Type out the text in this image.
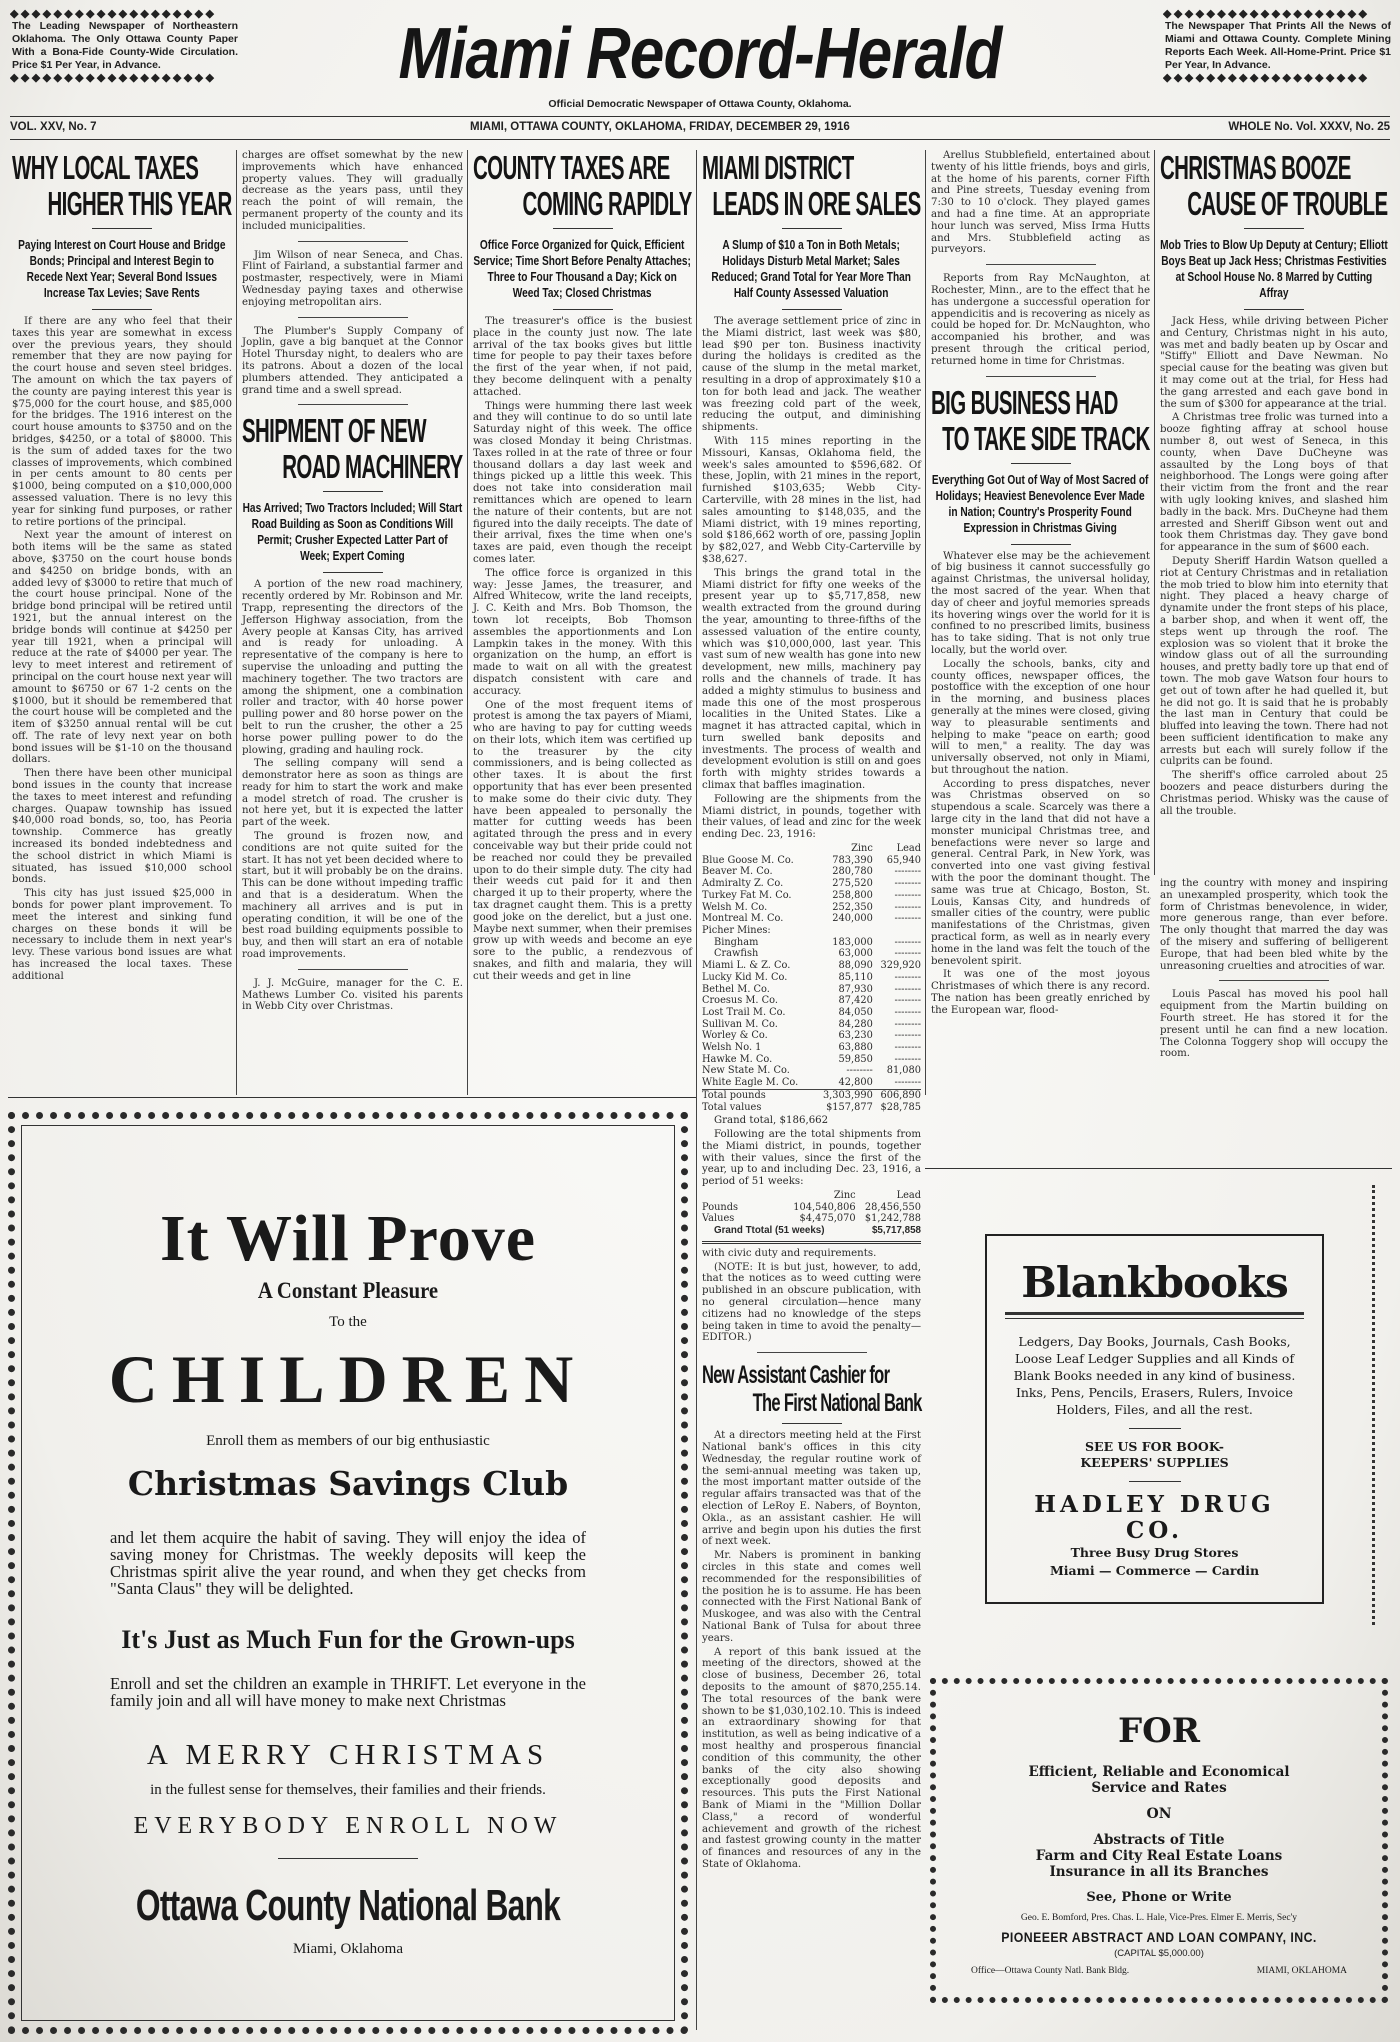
◆◆◆◆◆◆◆◆◆◆◆◆◆◆◆◆◆◆◆
The Leading Newspaper of Northeastern Oklahoma. The Only Ottawa County Paper With a Bona-Fide County-Wide Circulation. Price $1 Per Year, in Advance.
◆◆◆◆◆◆◆◆◆◆◆◆◆◆◆◆◆◆◆	Miami Record-Herald
Official Democratic Newspaper of Ottawa County, Oklahoma.
◆◆◆◆◆◆◆◆◆◆◆◆◆◆◆◆◆◆◆
The Newspaper That Prints All the News of Miami and Ottawa County. Complete Mining Reports Each Week. All-Home-Print. Price $1 Per Year, In Advance.
◆◆◆◆◆◆◆◆◆◆◆◆◆◆◆◆◆◆◆
VOL. XXV, No. 7	MIAMI, OTTAWA COUNTY, OKLAHOMA, FRIDAY, DECEMBER 29, 1916	WHOLE No. Vol. XXXV, No. 25
WHY LOCAL TAXES
HIGHER THIS YEAR
Paying Interest on Court House and Bridge Bonds; Principal and Interest Begin to Recede Next Year; Several Bond Issues Increase Tax Levies; Save Rents

If there are any who feel that their taxes this year are somewhat in excess over the previous years, they should remember that they are now paying for the court house and seven steel bridges. The amount on which the tax payers of the county are paying interest this year is $75,000 for the court house, and $85,000 for the bridges. The 1916 interest on the court house amounts to $3750 and on the bridges, $4250, or a total of $8000. This is the sum of added taxes for the two classes of improvements, which combined in per cents amount to 80 cents per $1000, being computed on a $10,000,000 assessed valuation. There is no levy this year for sinking fund purposes, or rather to retire portions of the principal.

Next year the amount of interest on both items will be the same as stated above, $3750 on the court house bonds and $4250 on bridge bonds, with an added levy of $3000 to retire that much of the court house principal. None of the bridge bond principal will be retired until 1921, but the annual interest on the bridge bonds will continue at $4250 per year till 1921, when a principal will reduce at the rate of $4000 per year. The levy to meet interest and retirement of principal on the court house next year will amount to $6750 or 67 1-2 cents on the $1000, but it should be remembered that the court house will be completed and the item of $3250 annual rental will be cut off. The rate of levy next year on both bond issues will be $1-10 on the thousand dollars.

Then there have been other municipal bond issues in the county that increase the taxes to meet interest and refunding charges. Quapaw township has issued $40,000 road bonds, so, too, has Peoria township. Commerce has greatly increased its bonded indebtedness and the school district in which Miami is situated, has issued $10,000 school bonds.

This city has just issued $25,000 in bonds for power plant improvement. To meet the interest and sinking fund charges on these bonds it will be necessary to include them in next year's levy. These various bond issues are what has increased the local taxes. These additional

charges are offset somewhat by the new improvements which have enhanced property values. They will gradually decrease as the years pass, until they reach the point of will remain, the permanent property of the county and its included municipalities.

Jim Wilson of near Seneca, and Chas. Flint of Fairland, a substantial farmer and postmaster, respectively, were in Miami Wednesday paying taxes and otherwise enjoying metropolitan airs.

The Plumber's Supply Company of Joplin, gave a big banquet at the Connor Hotel Thursday night, to dealers who are its patrons. About a dozen of the local plumbers attended. They anticipated a grand time and a swell spread.

SHIPMENT OF NEW
ROAD MACHINERY
Has Arrived; Two Tractors Included; Will Start Road Building as Soon as Conditions Will Permit; Crusher Expected Latter Part of Week; Expert Coming

A portion of the new road machinery, recently ordered by Mr. Robinson and Mr. Trapp, representing the directors of the Jefferson Highway association, from the Avery people at Kansas City, has arrived and is ready for unloading. A representative of the company is here to supervise the unloading and putting the machinery together. The two tractors are among the shipment, one a combination roller and tractor, with 40 horse power pulling power and 80 horse power on the belt to run the crusher, the other a 25 horse power pulling power to do the plowing, grading and hauling rock.

The selling company will send a demonstrator here as soon as things are ready for him to start the work and make a model stretch of road. The crusher is not here yet, but it is expected the latter part of the week.

The ground is frozen now, and conditions are not quite suited for the start. It has not yet been decided where to start, but it will probably be on the drains. This can be done without impeding traffic and that is a desideratum. When the machinery all arrives and is put in operating condition, it will be one of the best road building equipments possible to buy, and then will start an era of notable road improvements.

J. J. McGuire, manager for the C. E. Mathews Lumber Co. visited his parents in Webb City over Christmas.

COUNTY TAXES ARE
COMING RAPIDLY
Office Force Organized for Quick, Efficient Service; Time Short Before Penalty Attaches; Three to Four Thousand a Day; Kick on Weed Tax; Closed Christmas

The treasurer's office is the busiest place in the county just now. The late arrival of the tax books gives but little time for people to pay their taxes before the first of the year when, if not paid, they become delinquent with a penalty attached.

Things were humming there last week and they will continue to do so until late Saturday night of this week. The office was closed Monday it being Christmas. Taxes rolled in at the rate of three or four thousand dollars a day last week and things picked up a little this week. This does not take into consideration mail remittances which are opened to learn the nature of their contents, but are not figured into the daily receipts. The date of their arrival, fixes the time when one's taxes are paid, even though the receipt comes later.

The office force is organized in this way: Jesse James, the treasurer, and Alfred Whitecow, write the land receipts, J. C. Keith and Mrs. Bob Thomson, the town lot receipts, Bob Thomson assembles the apportionments and Lon Lampkin takes in the money. With this organization on the hump, an effort is made to wait on all with the greatest dispatch consistent with care and accuracy.

One of the most frequent items of protest is among the tax payers of Miami, who are having to pay for cutting weeds on their lots, which item was certified up to the treasurer by the city commissioners, and is being collected as other taxes. It is about the first opportunity that has ever been presented to make some do their civic duty. They have been appealed to personally the matter for cutting weeds has been agitated through the press and in every conceivable way but their pride could not be reached nor could they be prevailed upon to do their simple duty. The city had their weeds cut paid for it and then charged it up to their property, where the tax dragnet caught them. This is a pretty good joke on the derelict, but a just one. Maybe next summer, when their premises grow up with weeds and become an eye sore to the public, a rendezvous of snakes, and filth and malaria, they will cut their weeds and get in line

MIAMI DISTRICT
LEADS IN ORE SALES
A Slump of $10 a Ton in Both Metals; Holidays Disturb Metal Market; Sales Reduced; Grand Total for Year More Than Half County Assessed Valuation

The average settlement price of zinc in the Miami district, last week was $80, lead $90 per ton. Business inactivity during the holidays is credited as the cause of the slump in the metal market, resulting in a drop of approximately $10 a ton for both lead and jack. The weather was freezing cold part of the week, reducing the output, and diminishing shipments.

With 115 mines reporting in the Missouri, Kansas, Oklahoma field, the week's sales amounted to $596,682. Of these, Joplin, with 21 mines in the report, furnished $103,635; Webb City-Carterville, with 28 mines in the list, had sales amounting to $148,035, and the Miami district, with 19 mines reporting, sold $186,662 worth of ore, passing Joplin by $82,027, and Webb City-Carterville by $38,627.

This brings the grand total in the Miami district for fifty one weeks of the present year up to $5,717,858, new wealth extracted from the ground during the year, amounting to three-fifths of the assessed valuation of the entire county, which was $10,000,000, last year. This vast sum of new wealth has gone into new development, new mills, machinery pay rolls and the channels of trade. It has added a mighty stimulus to business and made this one of the most prosperous localities in the United States. Like a magnet it has attracted capital, which in turn swelled bank deposits and investments. The process of wealth and development evolution is still on and goes forth with mighty strides towards a climax that baffles imagination.

Following are the shipments from the Miami district, in pounds, together with their values, of lead and zinc for the week ending Dec. 23, 1916:

	Zinc	Lead
Blue Goose M. Co.	783,390	65,940
Beaver M. Co.	280,780	--------
Admiralty Z. Co.	275,520	--------
Turkey Fat M. Co.	258,800	--------
Welsh M. Co.	252,350	--------
Montreal M. Co.	240,000	--------
Picher Mines:		
Bingham	183,000	--------
Crawfish	63,000	--------
Miami L. & Z. Co.	88,090	329,920
Lucky Kid M. Co.	85,110	--------
Bethel M. Co.	87,930	--------
Croesus M. Co.	87,420	--------
Lost Trail M. Co.	84,050	--------
Sullivan M. Co.	84,280	--------
Worley & Co.	63,230	--------
Welsh No. 1	63,880	--------
Hawke M. Co.	59,850	--------
New State M. Co.	--------	81,080
White Eagle M. Co.	42,800	--------
Total pounds	3,303,990	606,890
Total values	$157,877	$28,785

Grand total, $186,662

Following are the total shipments from the Miami district, in pounds, together with their values, since the first of the year, up to and including Dec. 23, 1916, a period of 51 weeks:

	Zinc	Lead
Pounds	104,540,806	28,456,550
Values	$4,475,070	$1,242,788
Grand Ttotal (51 weeks)		$5,717,858

with civic duty and requirements.

(NOTE: It is but just, however, to add, that the notices as to weed cutting were published in an obscure publication, with no general circulation—hence many citizens had no knowledge of the steps being taken in time to avoid the penalty—EDITOR.)

New Assistant Cashier for
The First National Bank

At a directors meeting held at the First National bank's offices in this city Wednesday, the regular routine work of the semi-annual meeting was taken up, the most important matter outside of the regular affairs transacted was that of the election of LeRoy E. Nabers, of Boynton, Okla., as an assistant cashier. He will arrive and begin upon his duties the first of next week.

Mr. Nabers is prominent in banking circles in this state and comes well recommended for the responsibilities of the position he is to assume. He has been connected with the First National Bank of Muskogee, and was also with the Central National Bank of Tulsa for about three years.

A report of this bank issued at the meeting of the directors, showed at the close of business, December 26, total deposits to the amount of $870,255.14. The total resources of the bank were shown to be $1,030,102.10. This is indeed an extraordinary showing for that institution, as well as being indicative of a most healthy and prosperous financial condition of this community, the other banks of the city also showing exceptionally good deposits and resources. This puts the First National Bank of Miami in the "Million Dollar Class," a record of wonderful achievement and growth of the richest and fastest growing county in the matter of finances and resources of any in the State of Oklahoma.

Arellus Stubblefield, entertained about twenty of his little friends, boys and girls, at the home of his parents, corner Fifth and Pine streets, Tuesday evening from 7:30 to 10 o'clock. They played games and had a fine time. At an appropriate hour lunch was served, Miss Irma Hutts and Mrs. Stubblefield acting as purveyors.

Reports from Ray McNaughton, at Rochester, Minn., are to the effect that he has undergone a successful operation for appendicitis and is recovering as nicely as could be hoped for. Dr. McNaughton, who accompanied his brother, and was present through the critical period, returned home in time for Christmas.

BIG BUSINESS HAD
TO TAKE SIDE TRACK
Everything Got Out of Way of Most Sacred of Holidays; Heaviest Benevolence Ever Made in Nation; Country's Prosperity Found Expression in Christmas Giving

Whatever else may be the achievement of big business it cannot successfully go against Christmas, the universal holiday, the most sacred of the year. When that day of cheer and joyful memories spreads its hovering wings over the world for it is confined to no prescribed limits, business has to take siding. That is not only true locally, but the world over.

Locally the schools, banks, city and county offices, newspaper offices, the postoffice with the exception of one hour in the morning, and business places generally at the mines were closed, giving way to pleasurable sentiments and helping to make "peace on earth; good will to men," a reality. The day was universally observed, not only in Miami, but throughout the nation.

According to press dispatches, never was Christmas observed on so stupendous a scale. Scarcely was there a large city in the land that did not have a monster municipal Christmas tree, and benefactions were never so large and general. Central Park, in New York, was converted into one vast giving festival with the poor the dominant thought. The same was true at Chicago, Boston, St. Louis, Kansas City, and hundreds of smaller cities of the country, were public manifestations of the Christmas, given practical form, as well as in nearly every home in the land was felt the touch of the benevolent spirit.

It was one of the most joyous Christmases of which there is any record. The nation has been greatly enriched by the European war, flood-

CHRISTMAS BOOZE
CAUSE OF TROUBLE
Mob Tries to Blow Up Deputy at Century; Elliott Boys Beat up Jack Hess; Christmas Festivities at School House No. 8 Marred by Cutting Affray

Jack Hess, while driving between Picher and Century, Christmas night in his auto, was met and badly beaten up by Oscar and "Stiffy" Elliott and Dave Newman. No special cause for the beating was given but it may come out at the trial, for Hess had the gang arrested and each gave bond in the sum of $300 for appearance at the trial.

A Christmas tree frolic was turned into a booze fighting affray at school house number 8, out west of Seneca, in this county, when Dave DuCheyne was assaulted by the Long boys of that neighborhood. The Longs were going after their victim from the front and the rear with ugly looking knives, and slashed him badly in the back. Mrs. DuCheyne had them arrested and Sheriff Gibson went out and took them Christmas day. They gave bond for appearance in the sum of $600 each.

Deputy Sheriff Hardin Watson quelled a riot at Century Christmas and in retaliation the mob tried to blow him into eternity that night. They placed a heavy charge of dynamite under the front steps of his place, a barber shop, and when it went off, the steps went up through the roof. The explosion was so violent that it broke the window glass out of all the surrounding houses, and pretty badly tore up that end of town. The mob gave Watson four hours to get out of town after he had quelled it, but he did not go. It is said that he is probably the last man in Century that could be bluffed into leaving the town. There had not been sufficient identification to make any arrests but each will surely follow if the culprits can be found.

The sheriff's office carroled about 25 boozers and peace disturbers during the Christmas period. Whisky was the cause of all the trouble.

ing the country with money and inspiring an unexampled prosperity, which took the form of Christmas benevolence, in wider, more generous range, than ever before. The only thought that marred the day was of the misery and suffering of belligerent Europe, that had been bled white by the unreasoning cruelties and atrocities of war.

Louis Pascal has moved his pool hall equipment from the Martin building on Fourth street. He has stored it for the present until he can find a new location. The Colonna Toggery shop will occupy the room.

It Will Prove
A Constant Pleasure
To the
CHILDREN
Enroll them as members of our big enthusiastic
Christmas Savings Club
and let them acquire the habit of saving. They will enjoy the idea of saving money for Christmas. The weekly deposits will keep the Christmas spirit alive the year round, and when they get checks from "Santa Claus" they will be delighted.
It's Just as Much Fun for the Grown-ups
Enroll and set the children an example in THRIFT. Let everyone in the family join and all will have money to make next Christmas
A MERRY CHRISTMAS
in the fullest sense for themselves, their families and their friends.
EVERYBODY ENROLL NOW
Ottawa County National Bank
Miami, Oklahoma
Blankbooks
Ledgers, Day Books, Journals, Cash Books, Loose Leaf Ledger Supplies and all Kinds of Blank Books needed in any kind of business. Inks, Pens, Pencils, Erasers, Rulers, Invoice Holders, Files, and all the rest.
SEE US FOR BOOK-
KEEPERS' SUPPLIES
HADLEY DRUG CO.
Three Busy Drug Stores
Miami — Commerce — Cardin
FOR
Efficient, Reliable and Economical
Service and Rates
ON
Abstracts of Title
Farm and City Real Estate Loans
Insurance in all its Branches
See, Phone or Write
Geo. E. Bomford, Pres. Chas. L. Hale, Vice-Pres. Elmer E. Merris, Sec'y
PIONEEER ABSTRACT AND LOAN COMPANY, INC.
(CAPITAL $5,000.00)
Office—Ottawa County Natl. Bank Bldg.	MIAMI, OKLAHOMA
